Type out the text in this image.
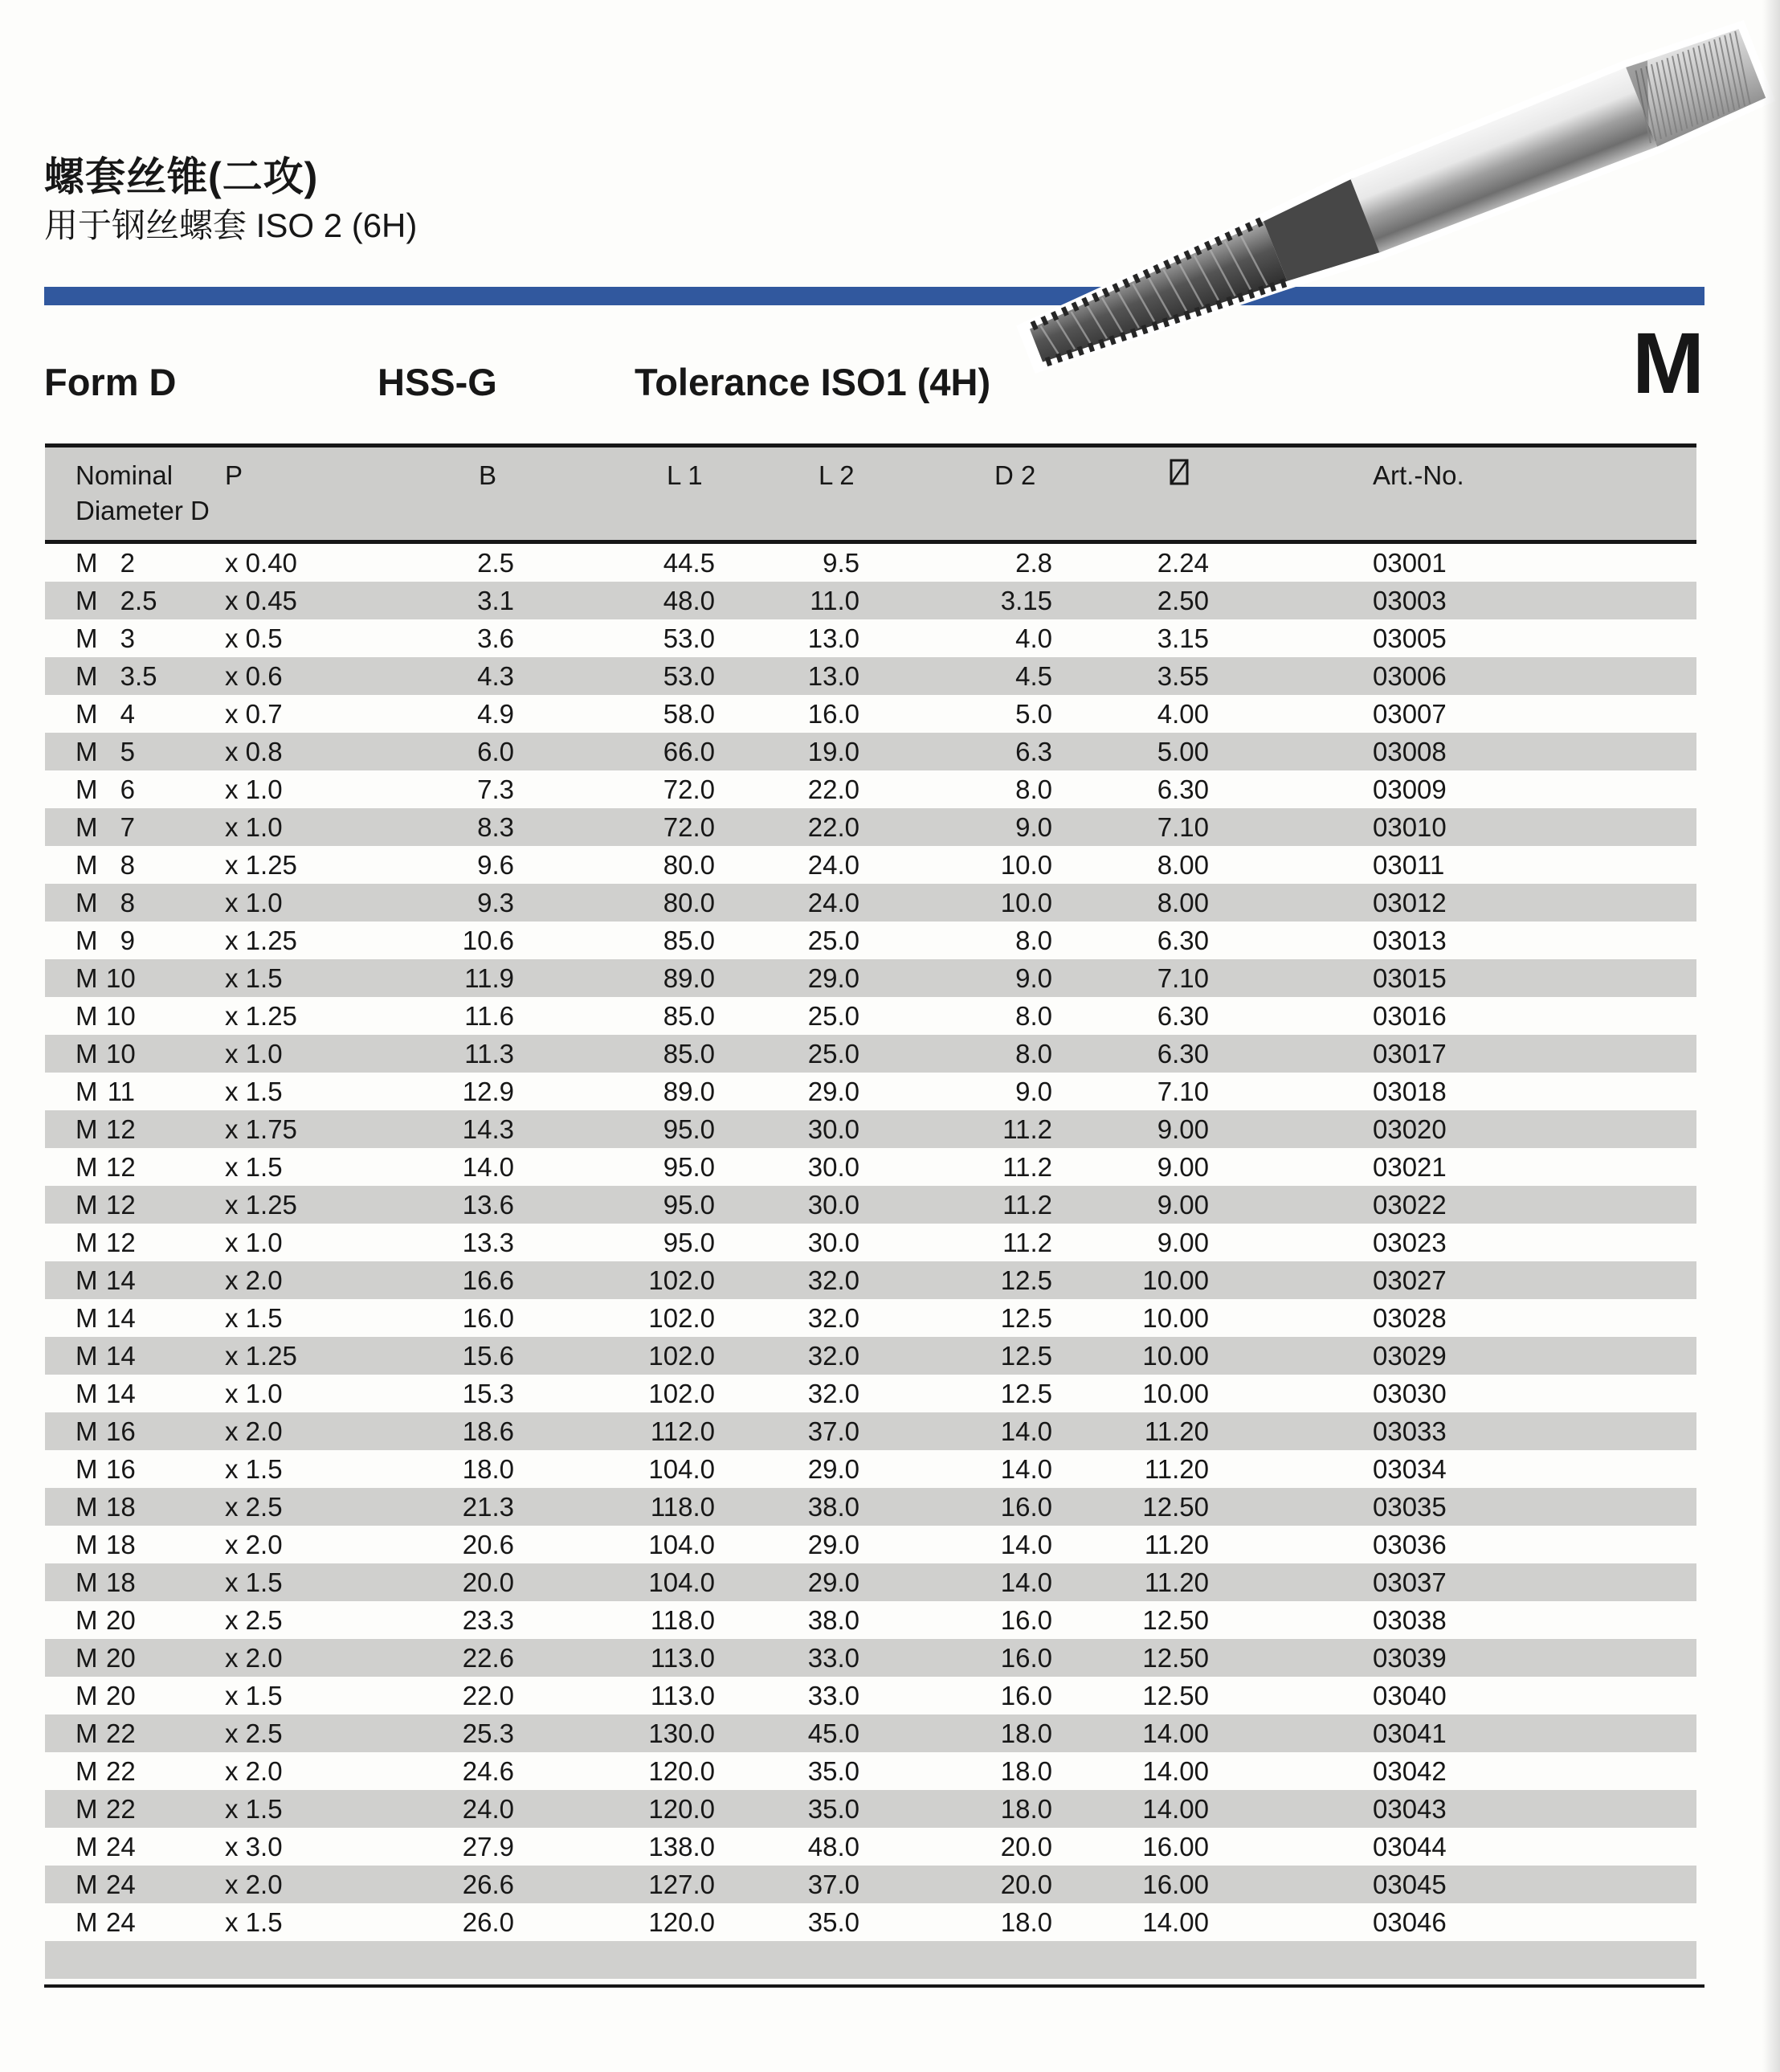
螺套丝锥(二攻)
用于钢丝螺套 ISO 2 (6H)
Form D	HSS-G	Tolerance ISO1 (4H)	M
Nominal
Diameter D
P	B	L 1	L 2	D 2	Art.-No.
M 2	x 0.40	2.5	44.5	9.5	2.8	2.24	03001
M 2 .5	x 0.45	3.1	48.0	11.0	3.15	2.50	03003
M 3	x 0.5	3.6	53.0	13.0	4.0	3.15	03005
M 3 .5	x 0.6	4.3	53.0	13.0	4.5	3.55	03006
M 4	x 0.7	4.9	58.0	16.0	5.0	4.00	03007
M 5	x 0.8	6.0	66.0	19.0	6.3	5.00	03008
M 6	x 1.0	7.3	72.0	22.0	8.0	6.30	03009
M 7	x 1.0	8.3	72.0	22.0	9.0	7.10	03010
M 8	x 1.25	9.6	80.0	24.0	10.0	8.00	03011
M 8	x 1.0	9.3	80.0	24.0	10.0	8.00	03012
M 9	x 1.25	10.6	85.0	25.0	8.0	6.30	03013
M 10	x 1.5	11.9	89.0	29.0	9.0	7.10	03015
M 10	x 1.25	11.6	85.0	25.0	8.0	6.30	03016
M 10	x 1.0	11.3	85.0	25.0	8.0	6.30	03017
M 11	x 1.5	12.9	89.0	29.0	9.0	7.10	03018
M 12	x 1.75	14.3	95.0	30.0	11.2	9.00	03020
M 12	x 1.5	14.0	95.0	30.0	11.2	9.00	03021
M 12	x 1.25	13.6	95.0	30.0	11.2	9.00	03022
M 12	x 1.0	13.3	95.0	30.0	11.2	9.00	03023
M 14	x 2.0	16.6	102.0	32.0	12.5	10.00	03027
M 14	x 1.5	16.0	102.0	32.0	12.5	10.00	03028
M 14	x 1.25	15.6	102.0	32.0	12.5	10.00	03029
M 14	x 1.0	15.3	102.0	32.0	12.5	10.00	03030
M 16	x 2.0	18.6	112.0	37.0	14.0	11.20	03033
M 16	x 1.5	18.0	104.0	29.0	14.0	11.20	03034
M 18	x 2.5	21.3	118.0	38.0	16.0	12.50	03035
M 18	x 2.0	20.6	104.0	29.0	14.0	11.20	03036
M 18	x 1.5	20.0	104.0	29.0	14.0	11.20	03037
M 20	x 2.5	23.3	118.0	38.0	16.0	12.50	03038
M 20	x 2.0	22.6	113.0	33.0	16.0	12.50	03039
M 20	x 1.5	22.0	113.0	33.0	16.0	12.50	03040
M 22	x 2.5	25.3	130.0	45.0	18.0	14.00	03041
M 22	x 2.0	24.6	120.0	35.0	18.0	14.00	03042
M 22	x 1.5	24.0	120.0	35.0	18.0	14.00	03043
M 24	x 3.0	27.9	138.0	48.0	20.0	16.00	03044
M 24	x 2.0	26.6	127.0	37.0	20.0	16.00	03045
M 24	x 1.5	26.0	120.0	35.0	18.0	14.00	03046
